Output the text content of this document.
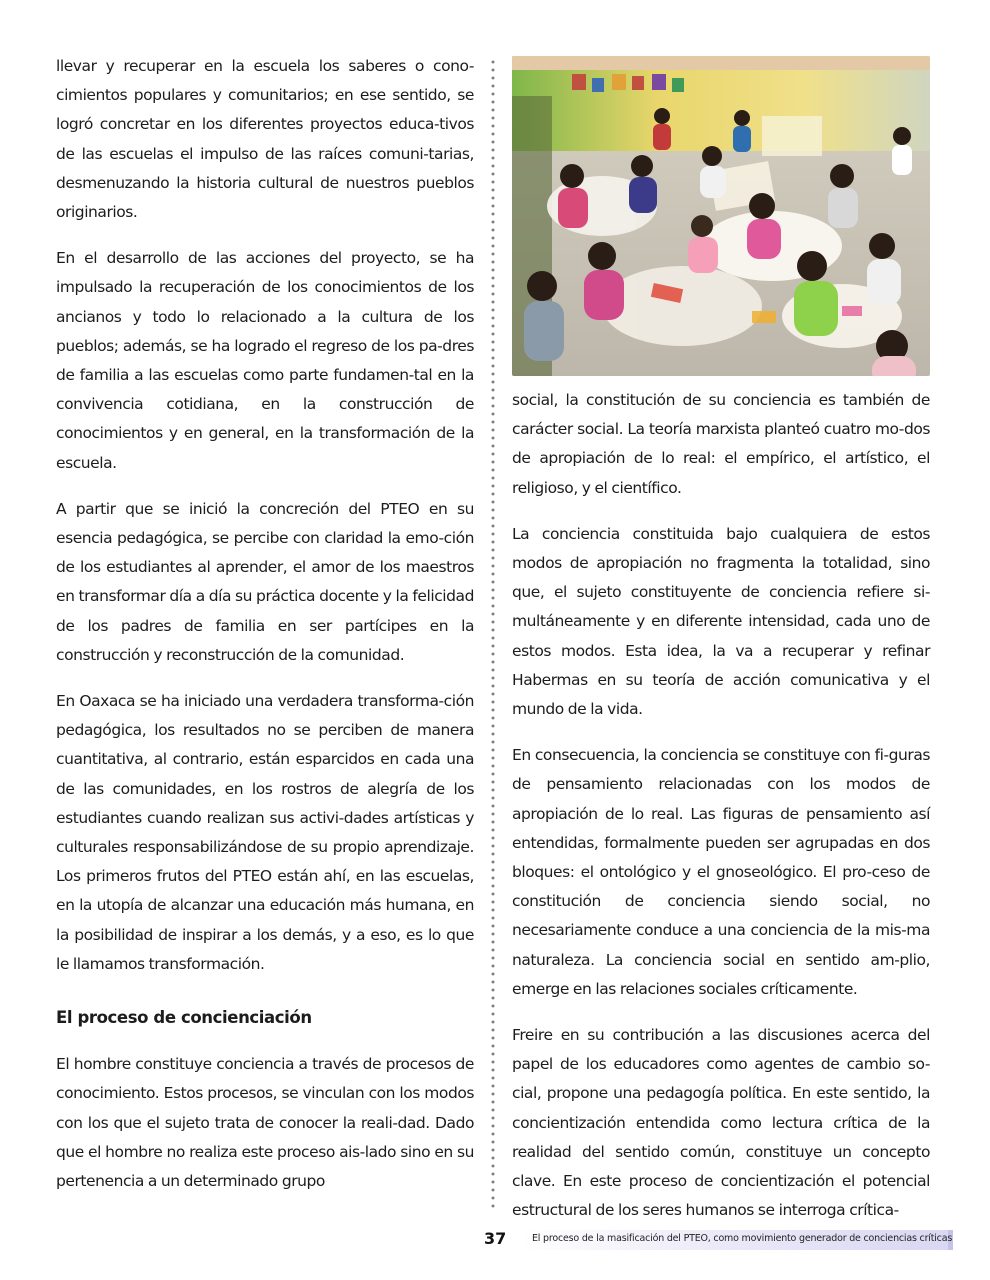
llevar y recuperar en la escuela los saberes o cono-cimientos populares y comunitarios; en ese sentido, se logró concretar en los diferentes proyectos educa-tivos de las escuelas el impulso de las raíces comuni-tarias, desmenuzando la historia cultural de nuestros pueblos originarios.

En el desarrollo de las acciones del proyecto, se ha impulsado la recuperación de los conocimientos de los ancianos y todo lo relacionado a la cultura de los pueblos; además, se ha logrado el regreso de los pa-dres de familia a las escuelas como parte fundamen-tal en la convivencia cotidiana, en la construcción de conocimientos y en general, en la transformación de la escuela.

A partir que se inició la concreción del PTEO en su esencia pedagógica, se percibe con claridad la emo-ción de los estudiantes al aprender, el amor de los maestros en transformar día a día su práctica docente y la felicidad de los padres de familia en ser partícipes en la construcción y reconstrucción de la comunidad.

En Oaxaca se ha iniciado una verdadera transforma-ción pedagógica, los resultados no se perciben de manera cuantitativa, al contrario, están esparcidos en cada una de las comunidades, en los rostros de alegría de los estudiantes cuando realizan sus activi-dades artísticas y culturales responsabilizándose de su propio aprendizaje. Los primeros frutos del PTEO están ahí, en las escuelas, en la utopía de alcanzar una educación más humana, en la posibilidad de inspirar a los demás, y a eso, es lo que le llamamos transformación.

El proceso de concienciación

El hombre constituye conciencia a través de procesos de conocimiento. Estos procesos, se vinculan con los modos con los que el sujeto trata de conocer la reali-dad. Dado que el hombre no realiza este proceso ais-lado sino en su pertenencia a un determinado grupo

social, la constitución de su conciencia es también de carácter social. La teoría marxista planteó cuatro mo-dos de apropiación de lo real: el empírico, el artístico, el religioso, y el científico.

La conciencia constituida bajo cualquiera de estos modos de apropiación no fragmenta la totalidad, sino que, el sujeto constituyente de conciencia refiere si-multáneamente y en diferente intensidad, cada uno de estos modos. Esta idea, la va a recuperar y refinar Habermas en su teoría de acción comunicativa y el mundo de la vida.

En consecuencia, la conciencia se constituye con fi-guras de pensamiento relacionadas con los modos de apropiación de lo real. Las figuras de pensamiento así entendidas, formalmente pueden ser agrupadas en dos bloques: el ontológico y el gnoseológico. El pro-ceso de constitución de conciencia siendo social, no necesariamente conduce a una conciencia de la mis-ma naturaleza. La conciencia social en sentido am-plio, emerge en las relaciones sociales críticamente.

Freire en su contribución a las discusiones acerca del papel de los educadores como agentes de cambio so-cial, propone una pedagogía política. En este sentido, la concientización entendida como lectura crítica de la realidad del sentido común, constituye un concepto clave. En este proceso de concientización el potencial estructural de los seres humanos se interroga crítica-

37	El proceso de la masificación del PTEO, como movimiento generador de conciencias críticas
